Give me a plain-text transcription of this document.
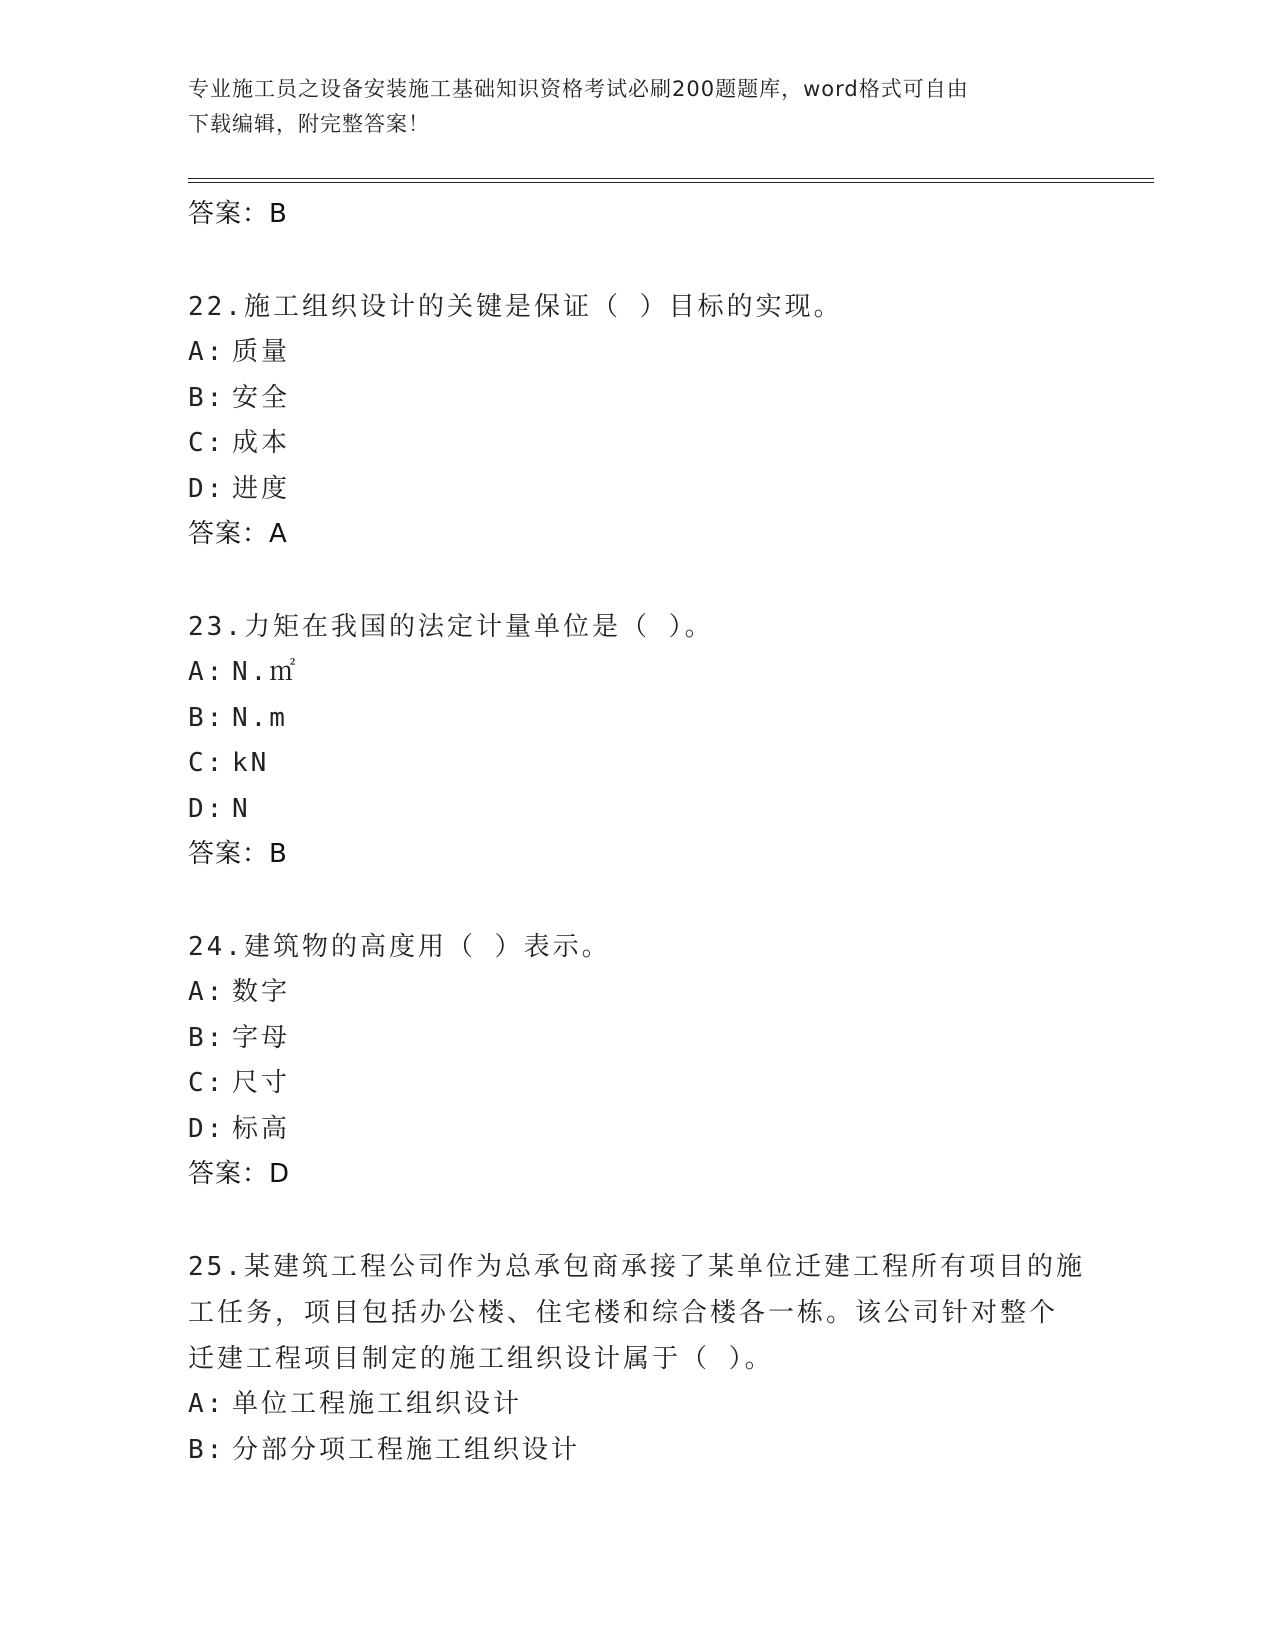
专业施工员之设备安装施工基础知识资格考试必刷200题题库，word格式可自由
下载编辑，附完整答案！
答案：B
22.施工组织设计的关键是保证（ ）目标的实现。
A: 质量
B: 安全
C: 成本
D: 进度
答案：A
23.力矩在我国的法定计量单位是（ ）。
A: N.㎡
B: N.m
C: kN
D: N
答案：B
24.建筑物的高度用（ ）表示。
A: 数字
B: 字母
C: 尺寸
D: 标高
答案：D
25.某建筑工程公司作为总承包商承接了某单位迁建工程所有项目的施
工任务，项目包括办公楼、住宅楼和综合楼各一栋。该公司针对整个
迁建工程项目制定的施工组织设计属于（ ）。
A: 单位工程施工组织设计
B: 分部分项工程施工组织设计
